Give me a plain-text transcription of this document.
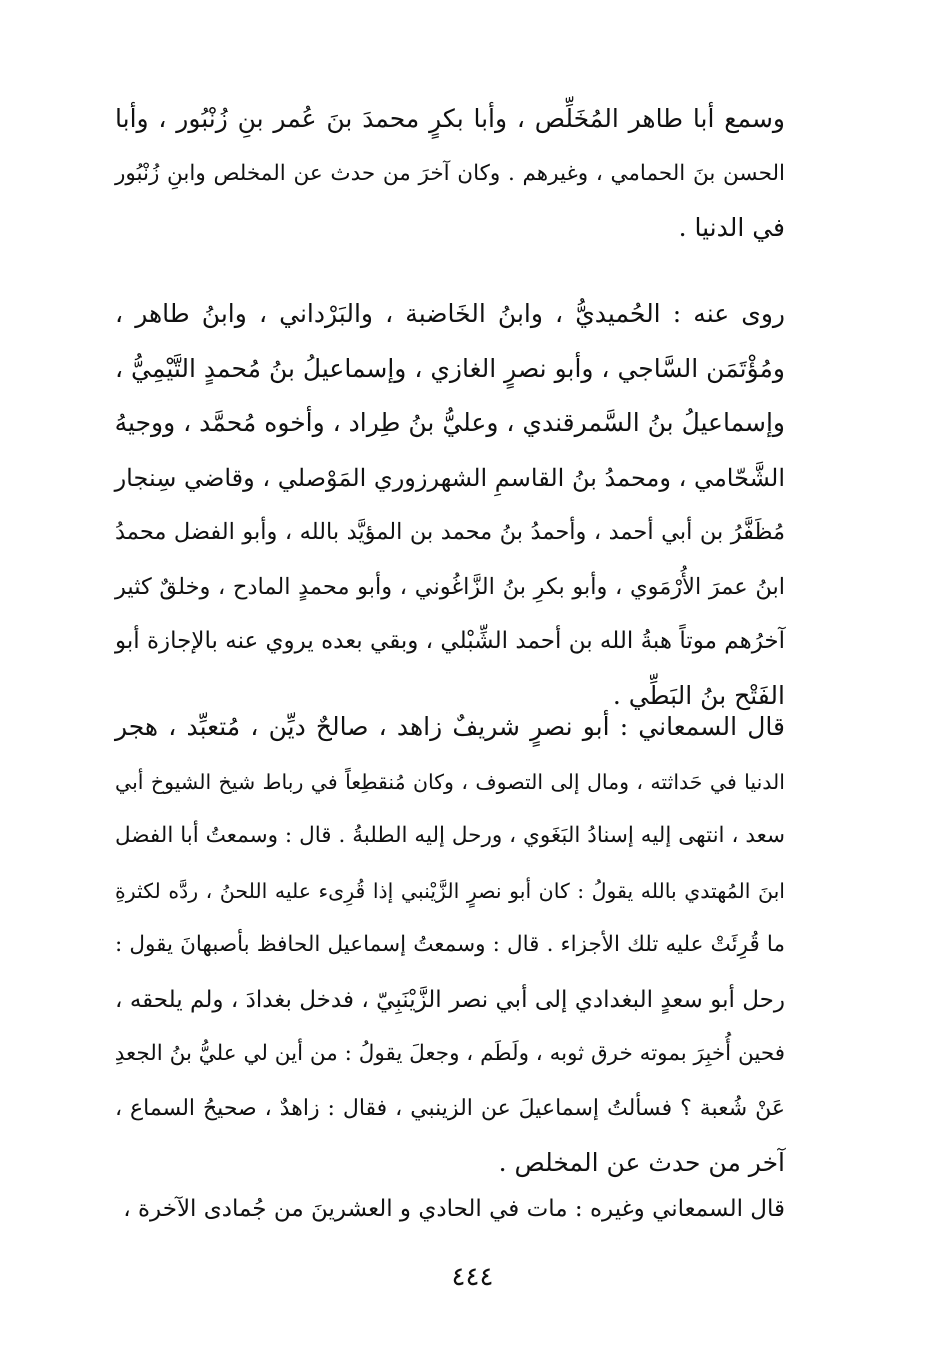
وسمع أبا طاهر المُخَلِّص ، وأبا بكرٍ محمدَ بنَ عُمر بنِ زُنْبُور ، وأبا
الحسن بنَ الحمامي ، وغيرهم . وكان آخرَ من حدث عن المخلص وابنِ زُنْبُور
في الدنيا .
روى عنه : الحُميديُّ ، وابنُ الخَاضبة ، والبَرْداني ، وابنُ طاهر ،
ومُؤْتَمَن السَّاجي ، وأبو نصرٍ الغازي ، وإسماعيلُ بنُ مُحمدٍ التَّيْمِيُّ ،
وإسماعيلُ بنُ السَّمرقندي ، وعليُّ بنُ طِراد ، وأخوه مُحمَّد ، ووجيهُ
الشَّحّامي ، ومحمدُ بنُ القاسمِ الشهرزوري المَوْصلي ، وقاضي سِنجار
مُظَفَّرُ بن أبي أحمد ، وأحمدُ بنُ محمد بن المؤيَّد بالله ، وأبو الفضل محمدُ
ابنُ عمرَ الأُرْمَوي ، وأبو بكرِ بنُ الزَّاغُوني ، وأبو محمدٍ المادح ، وخلقٌ كثير
آخرُهم موتاً هبةُ الله بن أحمد الشِّبْلي ، وبقي بعده يروي عنه بالإجازة أبو
الفَتْح بنُ البَطِّي .
قال السمعاني : أبو نصرٍ شريفٌ زاهد ، صالحٌ ديِّن ، مُتعبِّد ، هجر
الدنيا في حَداثته ، ومال إلى التصوف ، وكان مُنقطِعاً في رباط شيخ الشيوخ أبي
سعد ، انتهى إليه إسنادُ البَغَوي ، ورحل إليه الطلبةُ . قال : وسمعتُ أبا الفضل
ابنَ المُهتدي بالله يقولُ : كان أبو نصرٍ الزَّيْنبي إذا قُرِىء عليه اللحنُ ، ردَّه لكثرةِ
ما قُرِئَتْ عليه تلك الأجزاء . قال : وسمعتُ إسماعيل الحافظ بأصبهانَ يقول :
رحل أبو سعدٍ البغدادي إلى أبي نصر الزَّيْنَبِيّ ، فدخل بغدادَ ، ولم يلحقه ،
فحين أُخبِرَ بموته خرق ثوبه ، ولَطَم ، وجعلَ يقولُ : من أين لي عليُّ بنُ الجعدِ
عَنْ شُعبة ؟ فسألتُ إسماعيلَ عن الزينبي ، فقال : زاهدٌ ، صحيحُ السماع ،
آخر من حدث عن المخلص .
قال السمعاني وغيره : مات في الحادي و العشرينَ من جُمادى الآخرة ،
٤٤٤
